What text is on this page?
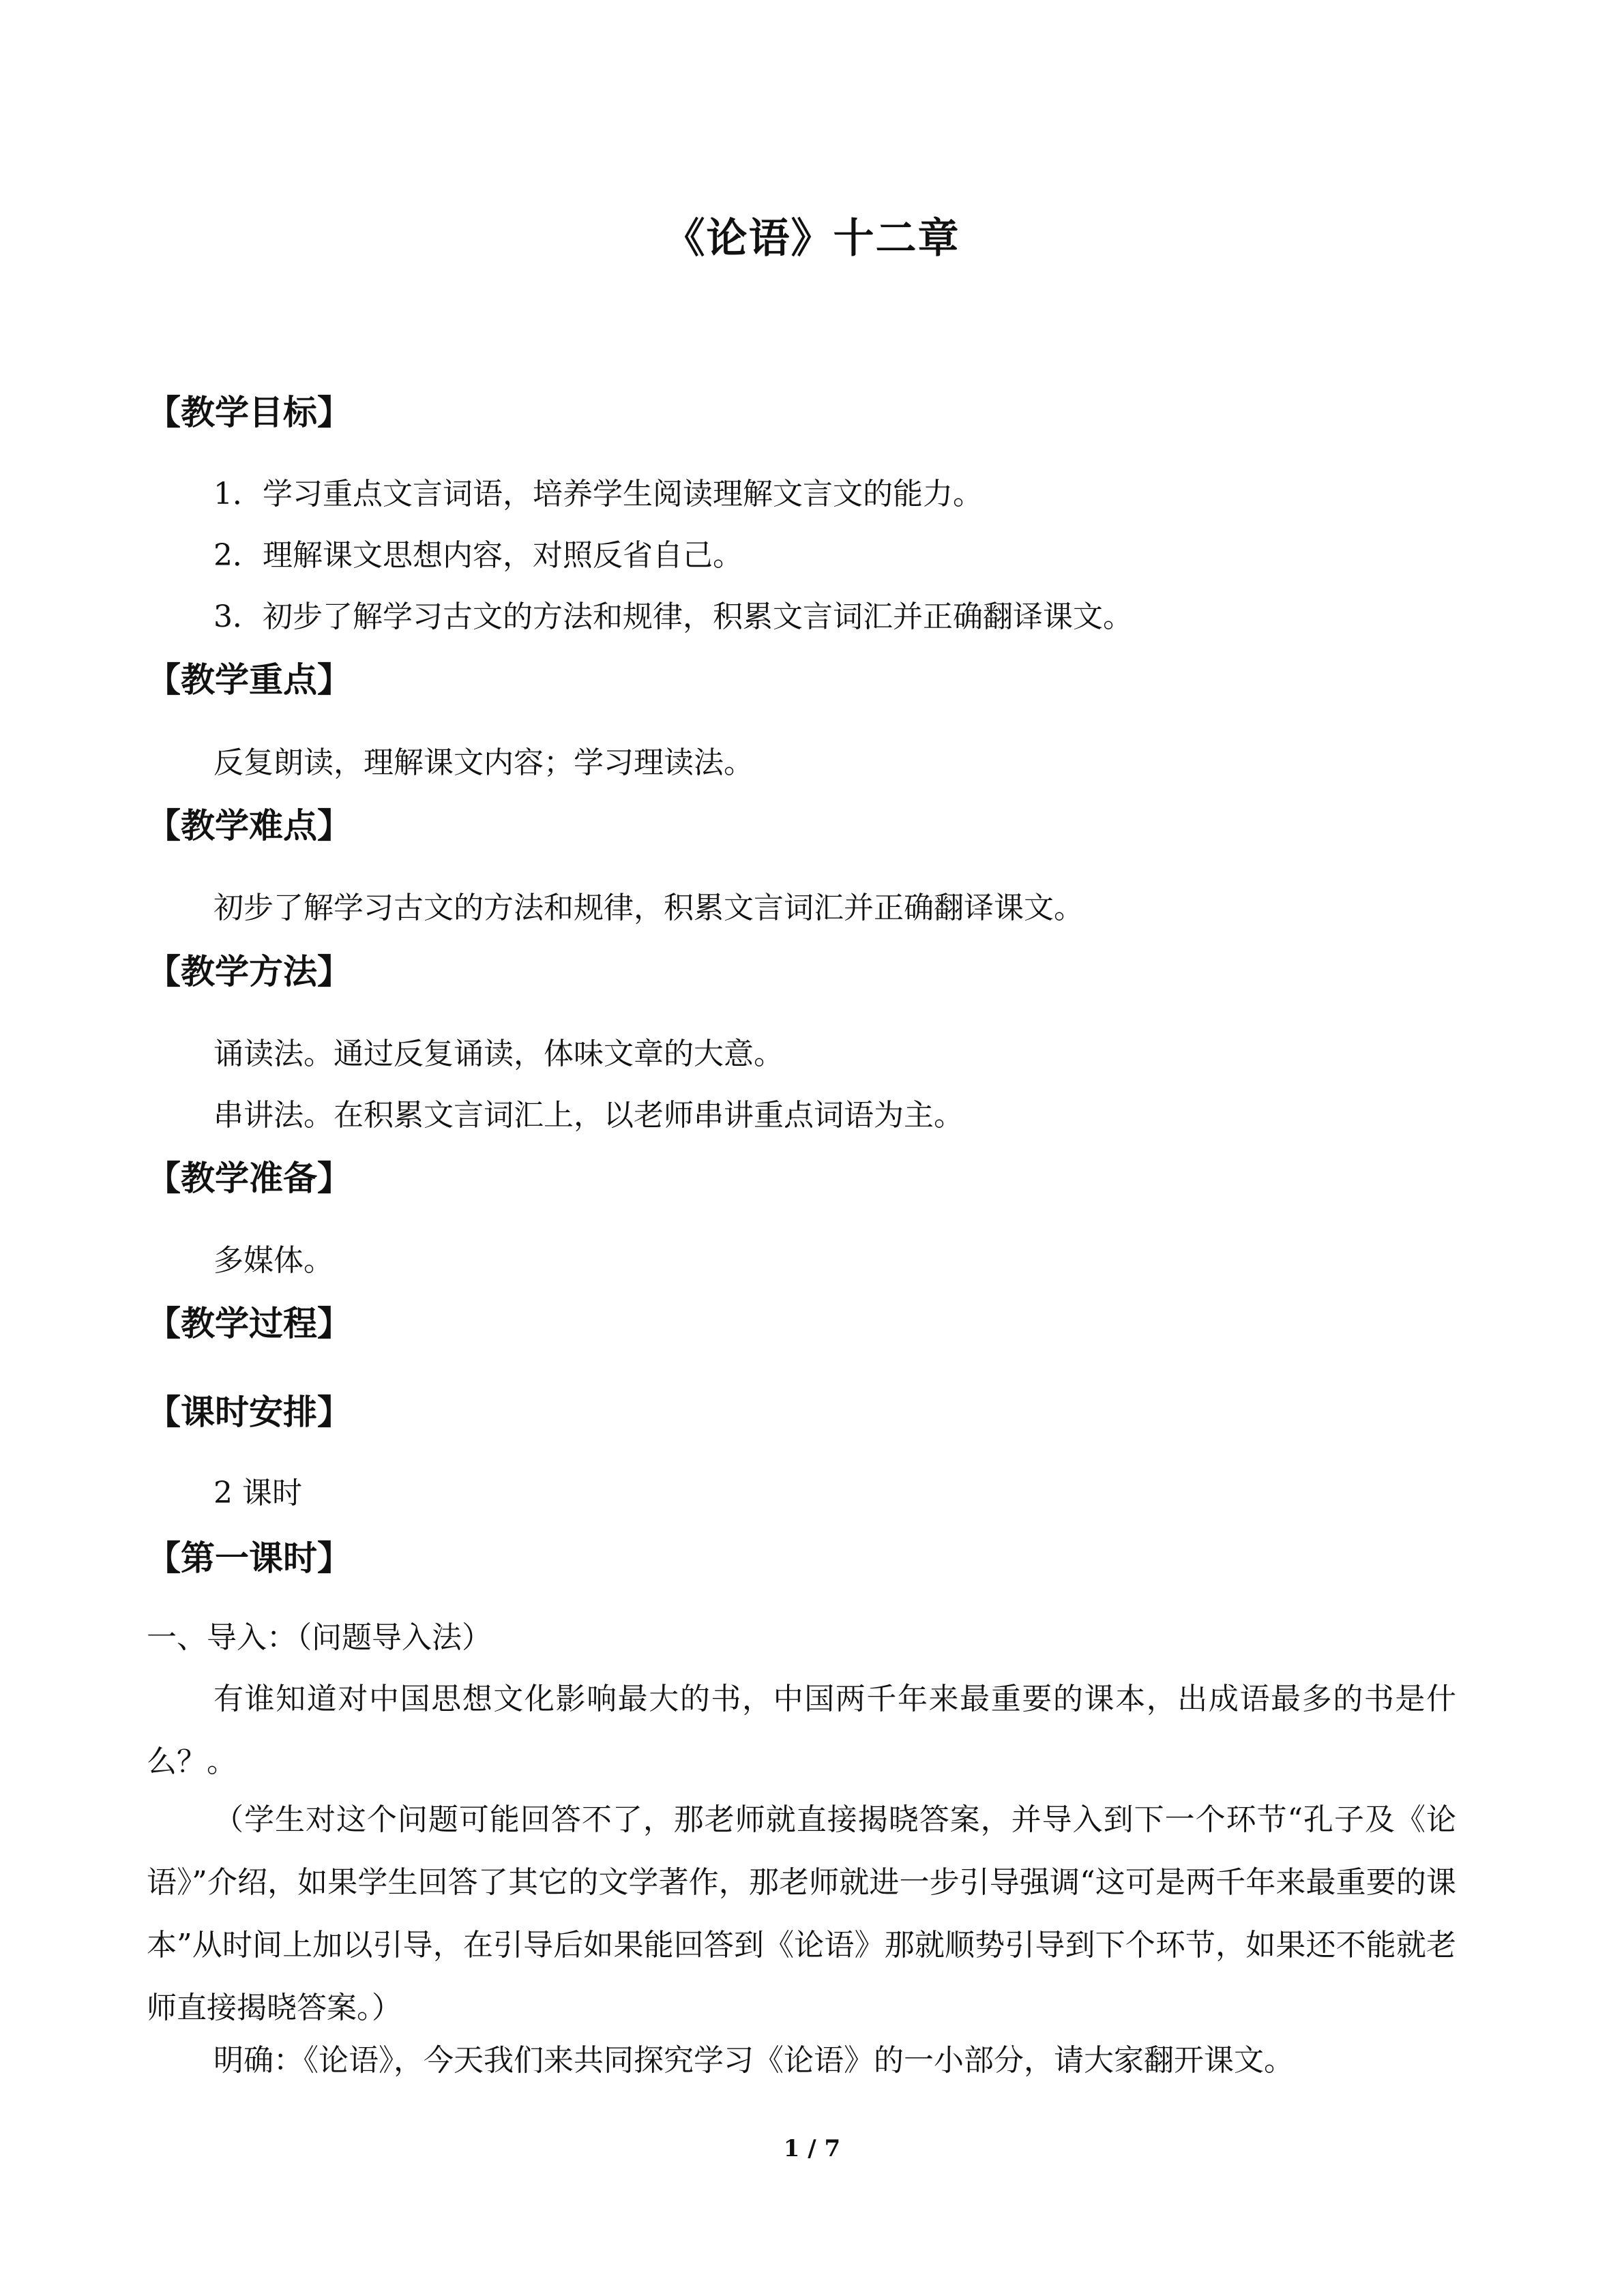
《论语》十二章
【教学目标】
1．学习重点文言词语，培养学生阅读理解文言文的能力。
2．理解课文思想内容，对照反省自己。
3．初步了解学习古文的方法和规律，积累文言词汇并正确翻译课文。
【教学重点】
反复朗读，理解课文内容；学习理读法。
【教学难点】
初步了解学习古文的方法和规律，积累文言词汇并正确翻译课文。
【教学方法】
诵读法。通过反复诵读，体味文章的大意。
串讲法。在积累文言词汇上，以老师串讲重点词语为主。
【教学准备】
多媒体。
【教学过程】
【课时安排】
2 课时
【第一课时】
一、导入：（问题导入法）
有谁知道对中国思想文化影响最大的书，中国两千年来最重要的课本，出成语最多的书是什么？。
（学生对这个问题可能回答不了，那老师就直接揭晓答案，并导入到下一个环节“孔子及《论语》”介绍，如果学生回答了其它的文学著作，那老师就进一步引导强调“这可是两千年来最重要的课本”从时间上加以引导，在引导后如果能回答到《论语》那就顺势引导到下个环节，如果还不能就老师直接揭晓答案。）
明确：《论语》，今天我们来共同探究学习《论语》的一小部分，请大家翻开课文。
1 / 7
